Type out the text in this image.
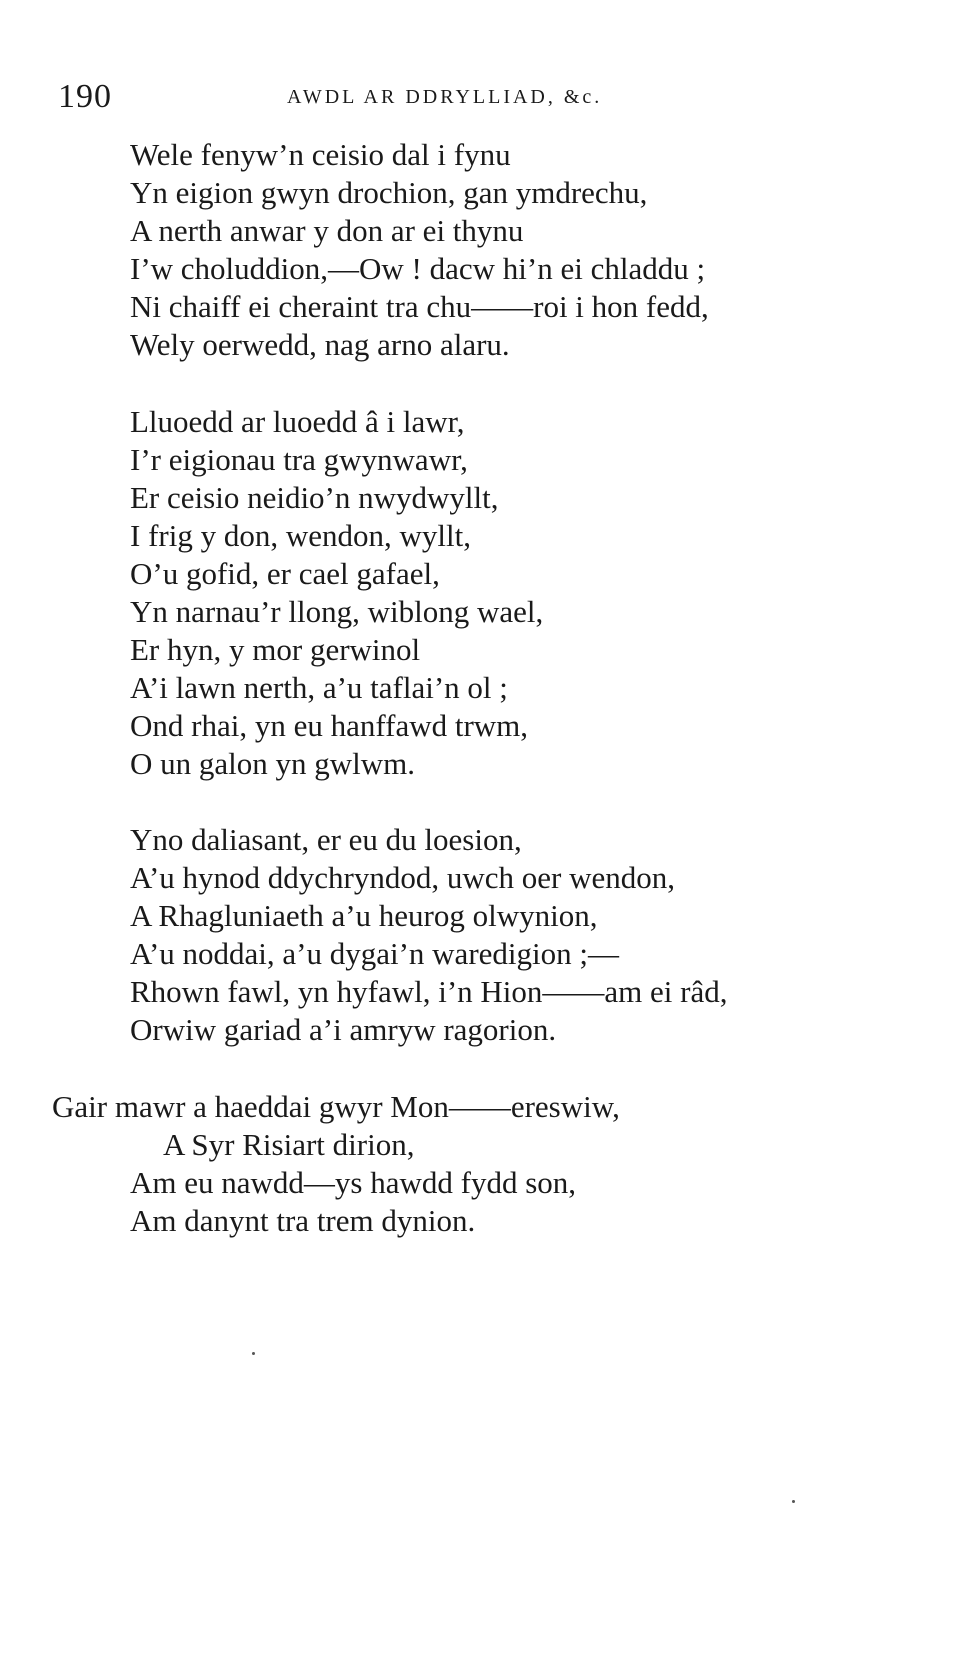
190	AWDL AR DDRYLLIAD, &c.
Wele fenyw’n ceisio dal i fynu
Yn eigion gwyn drochion, gan ymdrechu,
A nerth anwar y don ar ei thynu
I’w choluddion,—Ow ! dacw hi’n ei chladdu ;
Ni chaiff ei cheraint tra chu——roi i hon fedd,
Wely oerwedd, nag arno alaru.
Lluoedd ar luoedd â i lawr,
I’r eigionau tra gwynwawr,
Er ceisio neidio’n nwydwyllt,
I frig y don, wendon, wyllt,
O’u gofid, er cael gafael,
Yn narnau’r llong, wiblong wael,
Er hyn, y mor gerwinol
A’i lawn nerth, a’u taflai’n ol ;
Ond rhai, yn eu hanffawd trwm,
O un galon yn gwlwm.
Yno daliasant, er eu du loesion,
A’u hynod ddychryndod, uwch oer wendon,
A Rhagluniaeth a’u heurog olwynion,
A’u noddai, a’u dygai’n waredigion ;—
Rhown fawl, yn hyfawl, i’n Hion——am ei râd,
Orwiw gariad a’i amryw ragorion.
Gair mawr a haeddai gwyr Mon——ereswiw,
A Syr Risiart dirion,
Am eu nawdd—ys hawdd fydd son,
Am danynt tra trem dynion.
